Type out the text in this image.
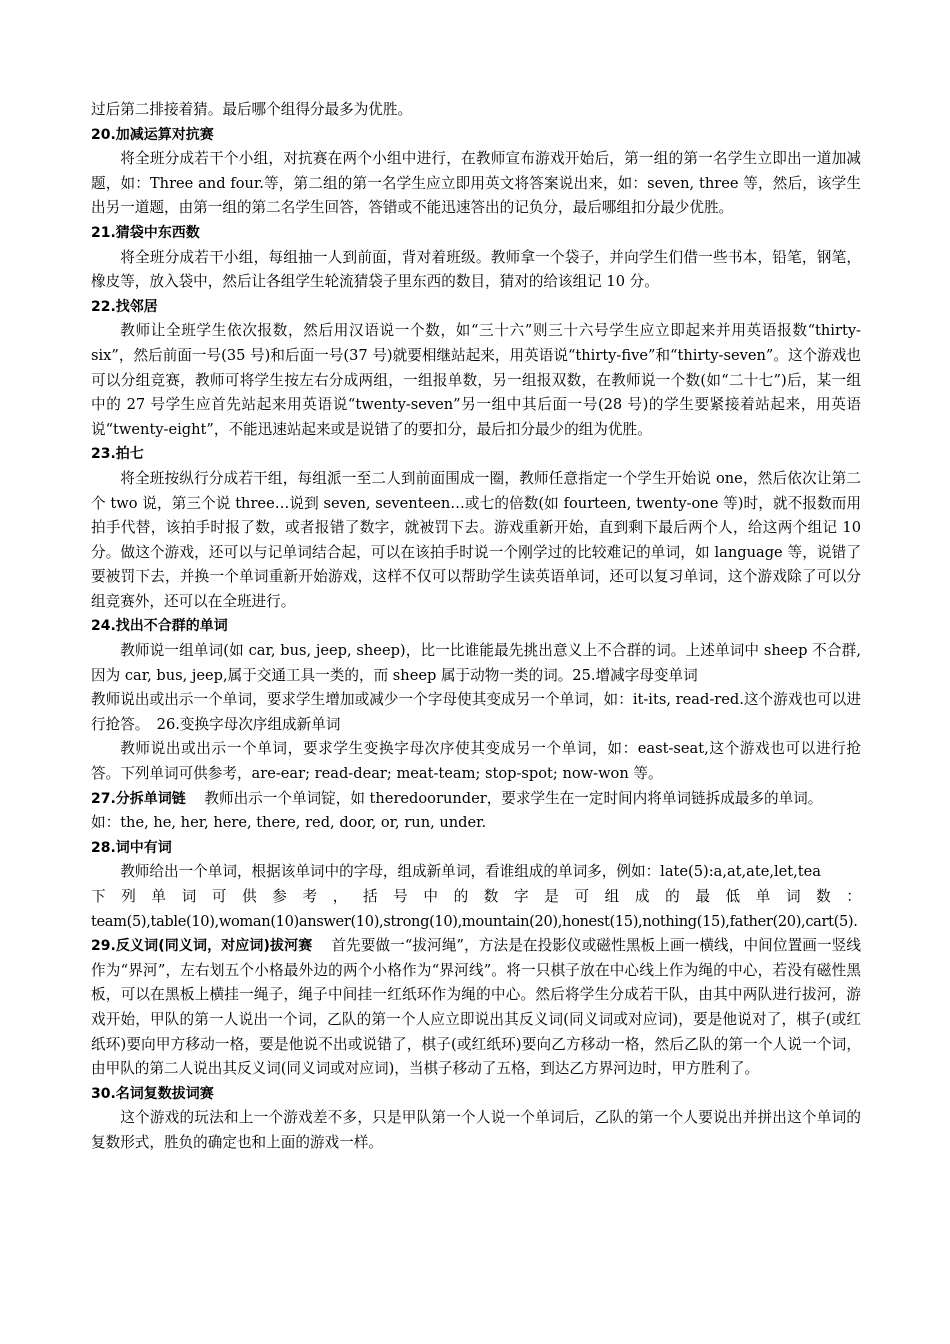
过后第二排接着猜。最后哪个组得分最多为优胜。

20.加减运算对抗赛

将全班分成若干个小组，对抗赛在两个小组中进行，在教师宣布游戏开始后，第一组的第一名学生立即出一道加减题，如：Three and four.等，第二组的第一名学生应立即用英文将答案说出来，如：seven, three 等，然后，该学生出另一道题，由第一组的第二名学生回答，答错或不能迅速答出的记负分，最后哪组扣分最少优胜。

21.猜袋中东西数

将全班分成若干小组，每组抽一人到前面，背对着班级。教师拿一个袋子，并向学生们借一些书本，铅笔，钢笔，橡皮等，放入袋中，然后让各组学生轮流猜袋子里东西的数目，猜对的给该组记 10 分。

22.找邻居

教师让全班学生依次报数，然后用汉语说一个数，如“三十六”则三十六号学生应立即起来并用英语报数“thirty-six”，然后前面一号(35 号)和后面一号(37 号)就要相继站起来，用英语说“thirty-five”和“thirty-seven”。这个游戏也可以分组竞赛，教师可将学生按左右分成两组，一组报单数，另一组报双数，在教师说一个数(如“二十七”)后，某一组中的 27 号学生应首先站起来用英语说“twenty-seven”另一组中其后面一号(28 号)的学生要紧接着站起来，用英语说“twenty-eight”，不能迅速站起来或是说错了的要扣分，最后扣分最少的组为优胜。

23.拍七

将全班按纵行分成若干组，每组派一至二人到前面围成一圈，教师任意指定一个学生开始说 one，然后依次让第二个 two 说，第三个说 three…说到 seven, seventeen…或七的倍数(如 fourteen, twenty-one 等)时，就不报数而用拍手代替，该拍手时报了数，或者报错了数字，就被罚下去。游戏重新开始，直到剩下最后两个人，给这两个组记 10 分。做这个游戏，还可以与记单词结合起，可以在该拍手时说一个刚学过的比较难记的单词，如 language 等，说错了要被罚下去，并换一个单词重新开始游戏，这样不仅可以帮助学生读英语单词，还可以复习单词，这个游戏除了可以分组竞赛外，还可以在全班进行。

24.找出不合群的单词

教师说一组单词(如 car, bus, jeep, sheep)，比一比谁能最先挑出意义上不合群的词。上述单词中 sheep 不合群,因为 car, bus, jeep,属于交通工具一类的，而 sheep 属于动物一类的词。25.增减字母变单词

教师说出或出示一个单词，要求学生增加或减少一个字母使其变成另一个单词，如：it-its, read-red.这个游戏也可以进行抢答。　26.变换字母次序组成新单词

教师说出或出示一个单词，要求学生变换字母次序使其变成另一个单词，如：east-seat,这个游戏也可以进行抢答。下列单词可供参考，are-ear; read-dear; meat-team; stop-spot; now-won 等。

27.分拆单词链 教师出示一个单词锭，如 theredoorunder，要求学生在一定时间内将单词链拆成最多的单词。

如：the, he, her, here, there, red, door, or, run, under.

28.词中有词

教师给出一个单词，根据该单词中的字母，组成新单词，看谁组成的单词多，例如：late(5):a,at,ate,let,tea

下列单词可供参考，括号中的数字是可组成的最低单词数：

team(5),table(10),woman(10)answer(10),strong(10),mountain(20),honest(15),nothing(15),father(20),cart(5).

29.反义词(同义词，对应词)拔河赛 首先要做一“拔河绳”，方法是在投影仪或磁性黑板上画一横线，中间位置画一竖线作为“界河”，左右划五个小格最外边的两个小格作为“界河线”。将一只棋子放在中心线上作为绳的中心，若没有磁性黑板，可以在黑板上横挂一绳子，绳子中间挂一红纸环作为绳的中心。然后将学生分成若干队，由其中两队进行拔河，游戏开始，甲队的第一人说出一个词，乙队的第一个人应立即说出其反义词(同义词或对应词)，要是他说对了，棋子(或红纸环)要向甲方移动一格，要是他说不出或说错了，棋子(或红纸环)要向乙方移动一格，然后乙队的第一个人说一个词，由甲队的第二人说出其反义词(同义词或对应词)，当棋子移动了五格，到达乙方界河边时，甲方胜利了。

30.名词复数拔词赛

这个游戏的玩法和上一个游戏差不多，只是甲队第一个人说一个单词后，乙队的第一个人要说出并拼出这个单词的复数形式，胜负的确定也和上面的游戏一样。
